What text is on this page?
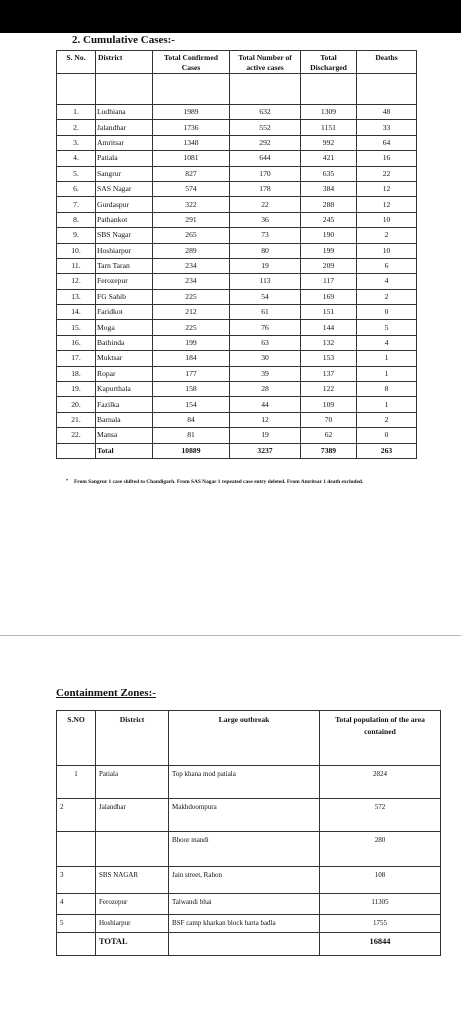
2. Cumulative Cases:-
S. No.	District	Total Confirmed Cases	Total Number of active cases	Total Discharged	Deaths

1.	Ludhiana	1989	632	1309	48
2.	Jalandhar	1736	552	1151	33
3.	Amritsar	1348	292	992	64
4.	Patiala	1081	644	421	16
5.	Sangrur	827	170	635	22
6.	SAS Nagar	574	178	384	12
7.	Gurdaspur	322	22	288	12
8.	Pathankot	291	36	245	10
9.	SBS Nagar	265	73	190	2
10.	Hoshiarpur	289	80	199	10
11.	Tarn Taran	234	19	209	6
12.	Ferozepur	234	113	117	4
13.	FG Sahib	225	54	169	2
14.	Faridkot	212	61	151	0
15.	Moga	225	76	144	5
16.	Bathinda	199	63	132	4
17.	Muktsar	184	30	153	1
18.	Ropar	177	39	137	1
19.	Kapurthala	158	28	122	8
20.	Fazilka	154	44	109	1
21.	Barnala	84	12	70	2
22.	Mansa	81	19	62	0
	Total	10889	3237	7389	263
• From Sangrur 1 case shifted to Chandigarh. From SAS Nagar 1 repeated case entry deleted. From Amritsar 1 death excluded.
Containment Zones:-
S.NO	District	Large outbreak	Total population of the area contained
1	Patiala	Top khana mod patiala	2824
2	Jalandhar	Makhdoompura	572
		Bhoor mandi	280
3	SBS NAGAR	Jain street, Rahon	108
4	Ferozepur	Talwandi bhai	11305
5	Hoshiarpur	BSF camp kharkan block harta badla	1755
	TOTAL		16844
